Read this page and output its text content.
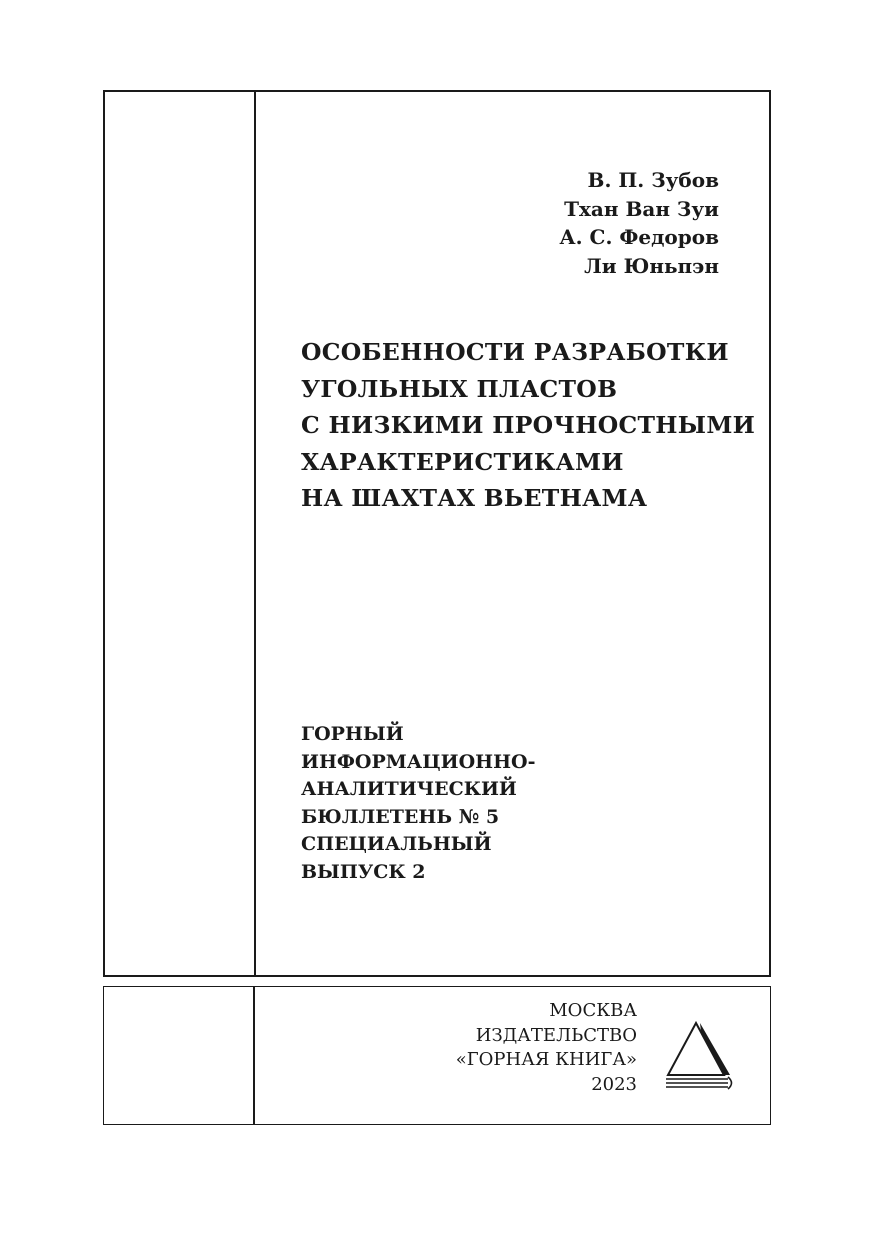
В. П. Зубов
Тхан Ван Зуи
А. С. Федоров
Ли Юньпэн
ОСОБЕННОСТИ РАЗРАБОТКИ
УГОЛЬНЫХ ПЛАСТОВ
С НИЗКИМИ ПРОЧНОСТНЫМИ
ХАРАКТЕРИСТИКАМИ
НА ШАХТАХ ВЬЕТНАМА
ГОРНЫЙ
ИНФОРМАЦИОННО-
АНАЛИТИЧЕСКИЙ
БЮЛЛЕТЕНЬ № 5
СПЕЦИАЛЬНЫЙ
ВЫПУСК 2
МОСКВА
ИЗДАТЕЛЬСТВО
«ГОРНАЯ КНИГА»
2023
